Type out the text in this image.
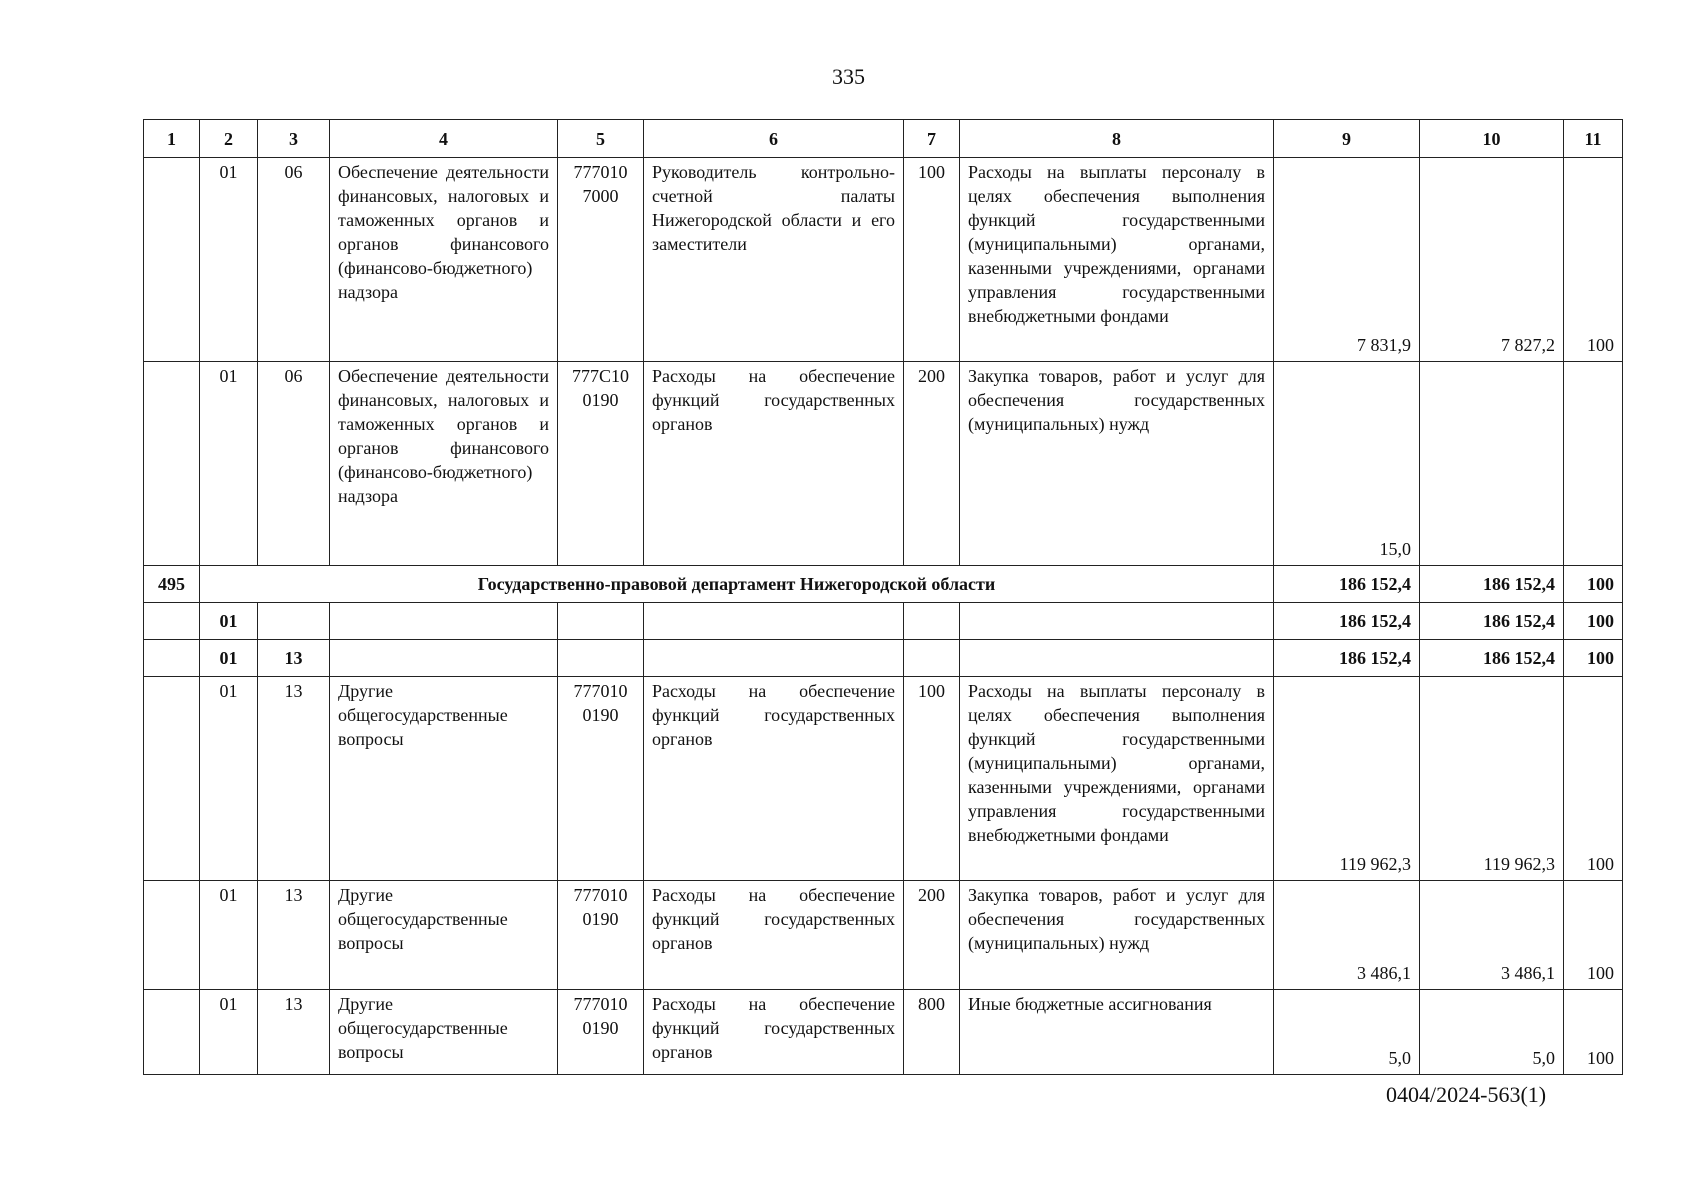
335
1	2	3	4	5	6	7	8	9	10	11
	01	06	Обеспечение деятельности финансовых, налоговых и таможенных органов и органов финансового (финансово-бюджетного) надзора	777010 7000	Руководитель контрольно-счетной палаты Нижегородской области и его заместители	100	Расходы на выплаты персоналу в целях обеспечения выполнения функций государственными (муниципальными) органами, казенными учреждениями, органами управления государственными внебюджетными фондами	7 831,9	7 827,2	100
	01	06	Обеспечение деятельности финансовых, налоговых и таможенных органов и органов финансового (финансово-бюджетного) надзора	777С10 0190	Расходы на обеспечение функций государственных органов	200	Закупка товаров, работ и услуг для обеспечения государственных (муниципальных) нужд	15,0		
495	Государственно-правовой департамент Нижегородской области							186 152,4	186 152,4	100
	01							186 152,4	186 152,4	100
	01	13						186 152,4	186 152,4	100
	01	13	Другие общегосударственные вопросы	777010 0190	Расходы на обеспечение функций государственных органов	100	Расходы на выплаты персоналу в целях обеспечения выполнения функций государственными (муниципальными) органами, казенными учреждениями, органами управления государственными внебюджетными фондами	119 962,3	119 962,3	100
	01	13	Другие общегосударственные вопросы	777010 0190	Расходы на обеспечение функций государственных органов	200	Закупка товаров, работ и услуг для обеспечения государственных (муниципальных) нужд	3 486,1	3 486,1	100
	01	13	Другие общегосударственные вопросы	777010 0190	Расходы на обеспечение функций государственных органов	800	Иные бюджетные ассигнования	5,0	5,0	100
0404/2024-563(1)
